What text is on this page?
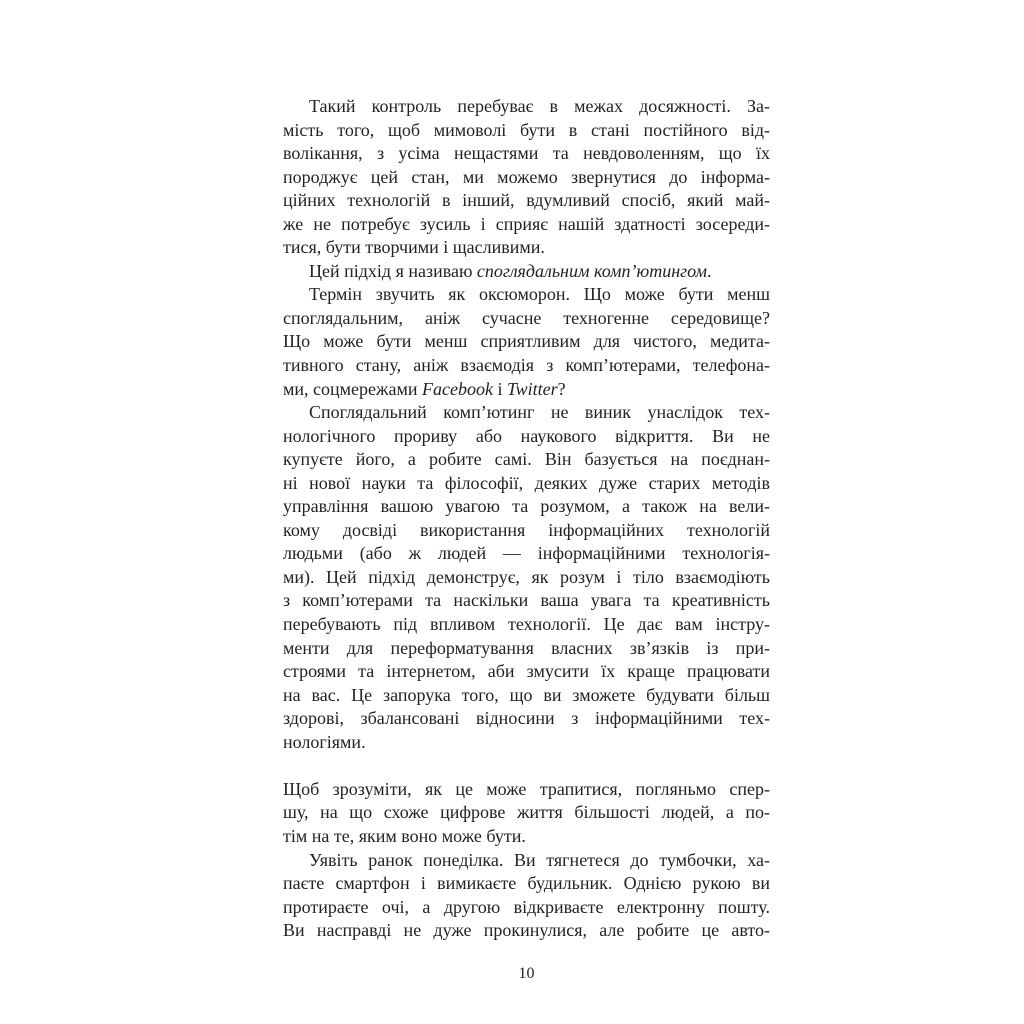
Такий контроль перебуває в межах досяжності. За-
мість того, щоб мимоволі бути в стані постійного від-
волікання, з усіма нещастями та невдоволенням, що їх
породжує цей стан, ми можемо звернутися до інформа-
ційних технологій в інший, вдумливий спосіб, який май-
же не потребує зусиль і сприяє нашій здатності зосереди-
тися, бути творчими і щасливими.
Цей підхід я називаю споглядальним комп’ютингом.
Термін звучить як оксюморон. Що може бути менш
споглядальним, аніж сучасне техногенне середовище?
Що може бути менш сприятливим для чистого, медита-
тивного стану, аніж взаємодія з комп’ютерами, телефона-
ми, соцмережами Facebook і Twitter?
Споглядальний комп’ютинг не виник унаслідок тех-
нологічного прориву або наукового відкриття. Ви не
купуєте його, а робите самі. Він базується на поєднан-
ні нової науки та філософії, деяких дуже старих методів
управління вашою увагою та розумом, а також на вели-
кому досвіді використання інформаційних технологій
людьми (або ж людей — інформаційними технологія-
ми). Цей підхід демонструє, як розум і тіло взаємодіють
з комп’ютерами та наскільки ваша увага та креативність
перебувають під впливом технології. Це дає вам інстру-
менти для переформатування власних зв’язків із при-
строями та інтернетом, аби змусити їх краще працювати
на вас. Це запорука того, що ви зможете будувати більш
здорові, збалансовані відносини з інформаційними тех-
нологіями.
Щоб зрозуміти, як це може трапитися, погляньмо спер-
шу, на що схоже цифрове життя більшості людей, а по-
тім на те, яким воно може бути.
Уявіть ранок понеділка. Ви тягнетеся до тумбочки, ха-
паєте смартфон і вимикаєте будильник. Однією рукою ви
протираєте очі, а другою відкриваєте електронну пошту.
Ви насправді не дуже прокинулися, але робите це авто-
10
